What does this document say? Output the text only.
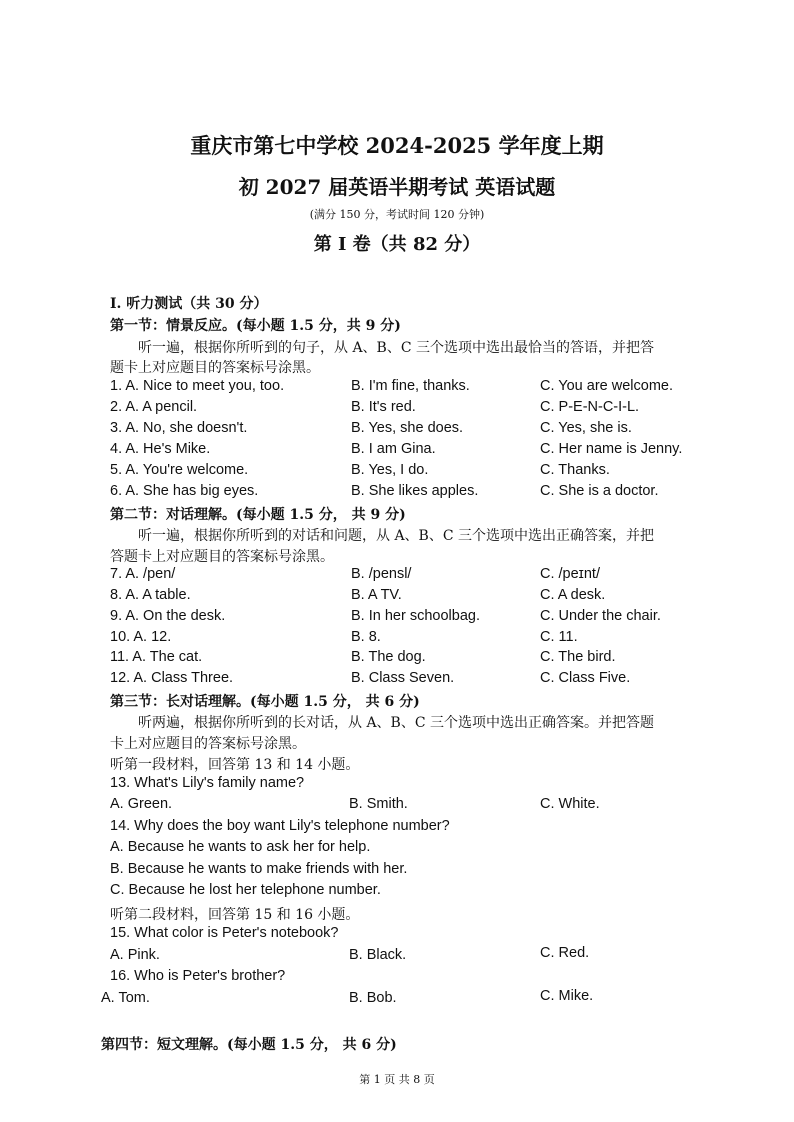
重庆市第七中学校 2024-2025 学年度上期
初 2027 届英语半期考试 英语试题
(满分 150 分，考试时间 120 分钟)
第 I 卷（共 82 分）
I. 听力测试（共 30 分）
第一节：情景反应。(每小题 1.5 分，共 9 分)
听一遍，根据你所听到的句子，从 A、B、C 三个选项中选出最恰当的答语，并把答
题卡上对应题目的答案标号涂黑。
1. A. Nice to meet you, too.	B. I'm fine, thanks.	C. You are welcome.
2. A. A pencil.	B. It's red.	C. P-E-N-C-I-L.
3. A. No, she doesn't.	B. Yes, she does.	C. Yes, she is.
4. A. He's Mike.	B. I am Gina.	C. Her name is Jenny.
5. A. You're welcome.	B. Yes, I do.	C. Thanks.
6. A. She has big eyes.	B. She likes apples.	C. She is a doctor.
第二节：对话理解。(每小题 1.5 分， 共 9 分)
听一遍，根据你所听到的对话和问题，从 A、B、C 三个选项中选出正确答案，并把
答题卡上对应题目的答案标号涂黑。
7. A. /pen/	B. /pensl/	C. /peɪnt/
8. A. A table.	B. A TV.	C. A desk.
9. A. On the desk.	B. In her schoolbag.	C. Under the chair.
10. A. 12.	B. 8.	C. 11.
11. A. The cat.	B. The dog.	C. The bird.
12. A. Class Three.	B. Class Seven.	C. Class Five.
第三节：长对话理解。(每小题 1.5 分， 共 6 分)
听两遍，根据你所听到的长对话，从 A、B、C 三个选项中选出正确答案。并把答题
卡上对应题目的答案标号涂黑。
听第一段材料，回答第 13 和 14 小题。
13. What's Lily's family name?
A. Green.	B. Smith.	C. White.
14. Why does the boy want Lily's telephone number?
A. Because he wants to ask her for help.
B. Because he wants to make friends with her.
C. Because he lost her telephone number.
听第二段材料，回答第 15 和 16 小题。
15. What color is Peter's notebook?
A. Pink.	B. Black.	C. Red.
16. Who is Peter's brother?
A. Tom.	B. Bob.	C. Mike.
第四节：短文理解。(每小题 1.5 分， 共 6 分)
第 1 页 共 8 页
